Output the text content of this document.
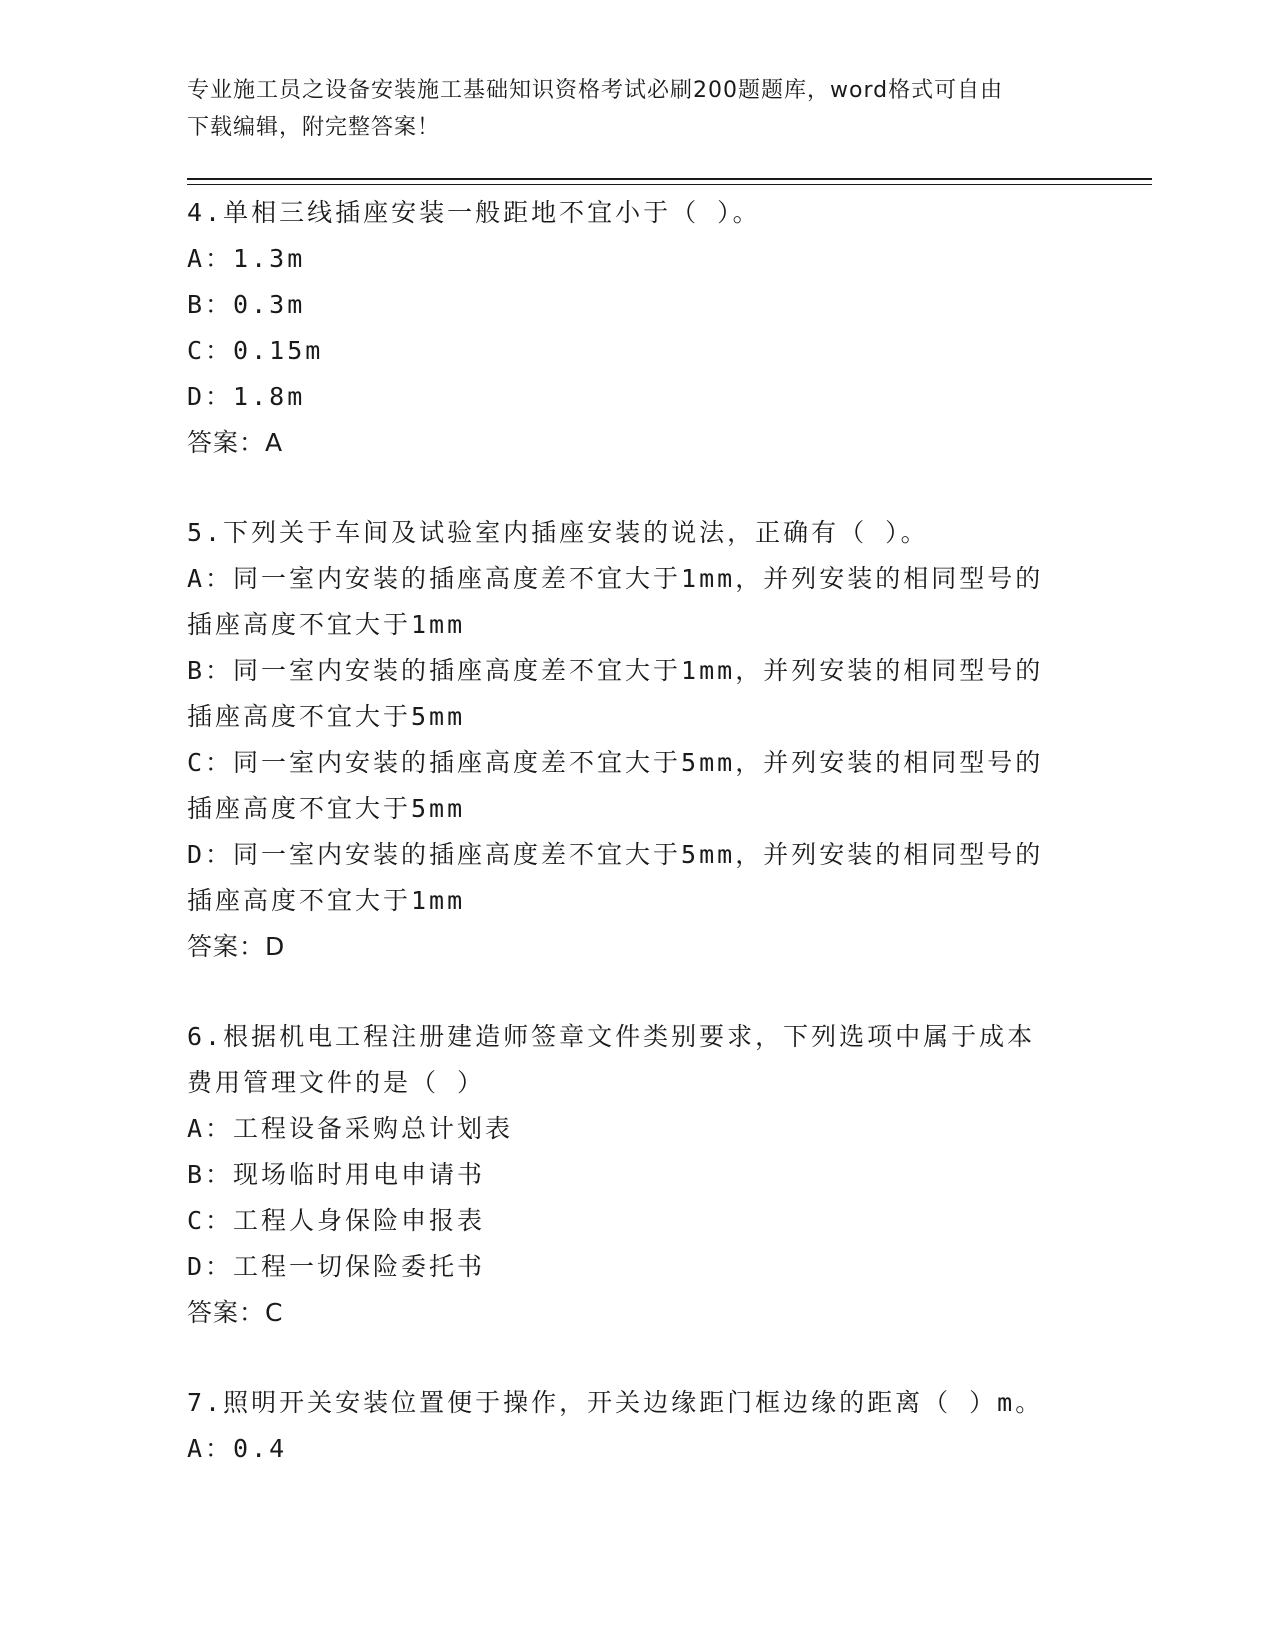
专业施工员之设备安装施工基础知识资格考试必刷200题题库，word格式可自由
下载编辑，附完整答案！
4.单相三线插座安装一般距地不宜小于（ ）。
A：1.3m
B：0.3m
C：0.15m
D：1.8m
答案：A
5.下列关于车间及试验室内插座安装的说法，正确有（ ）。
A：同一室内安装的插座高度差不宜大于1mm，并列安装的相同型号的
插座高度不宜大于1mm
B：同一室内安装的插座高度差不宜大于1mm，并列安装的相同型号的
插座高度不宜大于5mm
C：同一室内安装的插座高度差不宜大于5mm，并列安装的相同型号的
插座高度不宜大于5mm
D：同一室内安装的插座高度差不宜大于5mm，并列安装的相同型号的
插座高度不宜大于1mm
答案：D
6.根据机电工程注册建造师签章文件类别要求，下列选项中属于成本
费用管理文件的是（ ）
A：工程设备采购总计划表
B：现场临时用电申请书
C：工程人身保险申报表
D：工程一切保险委托书
答案：C
7.照明开关安装位置便于操作，开关边缘距门框边缘的距离（ ）m。
A：0.4
